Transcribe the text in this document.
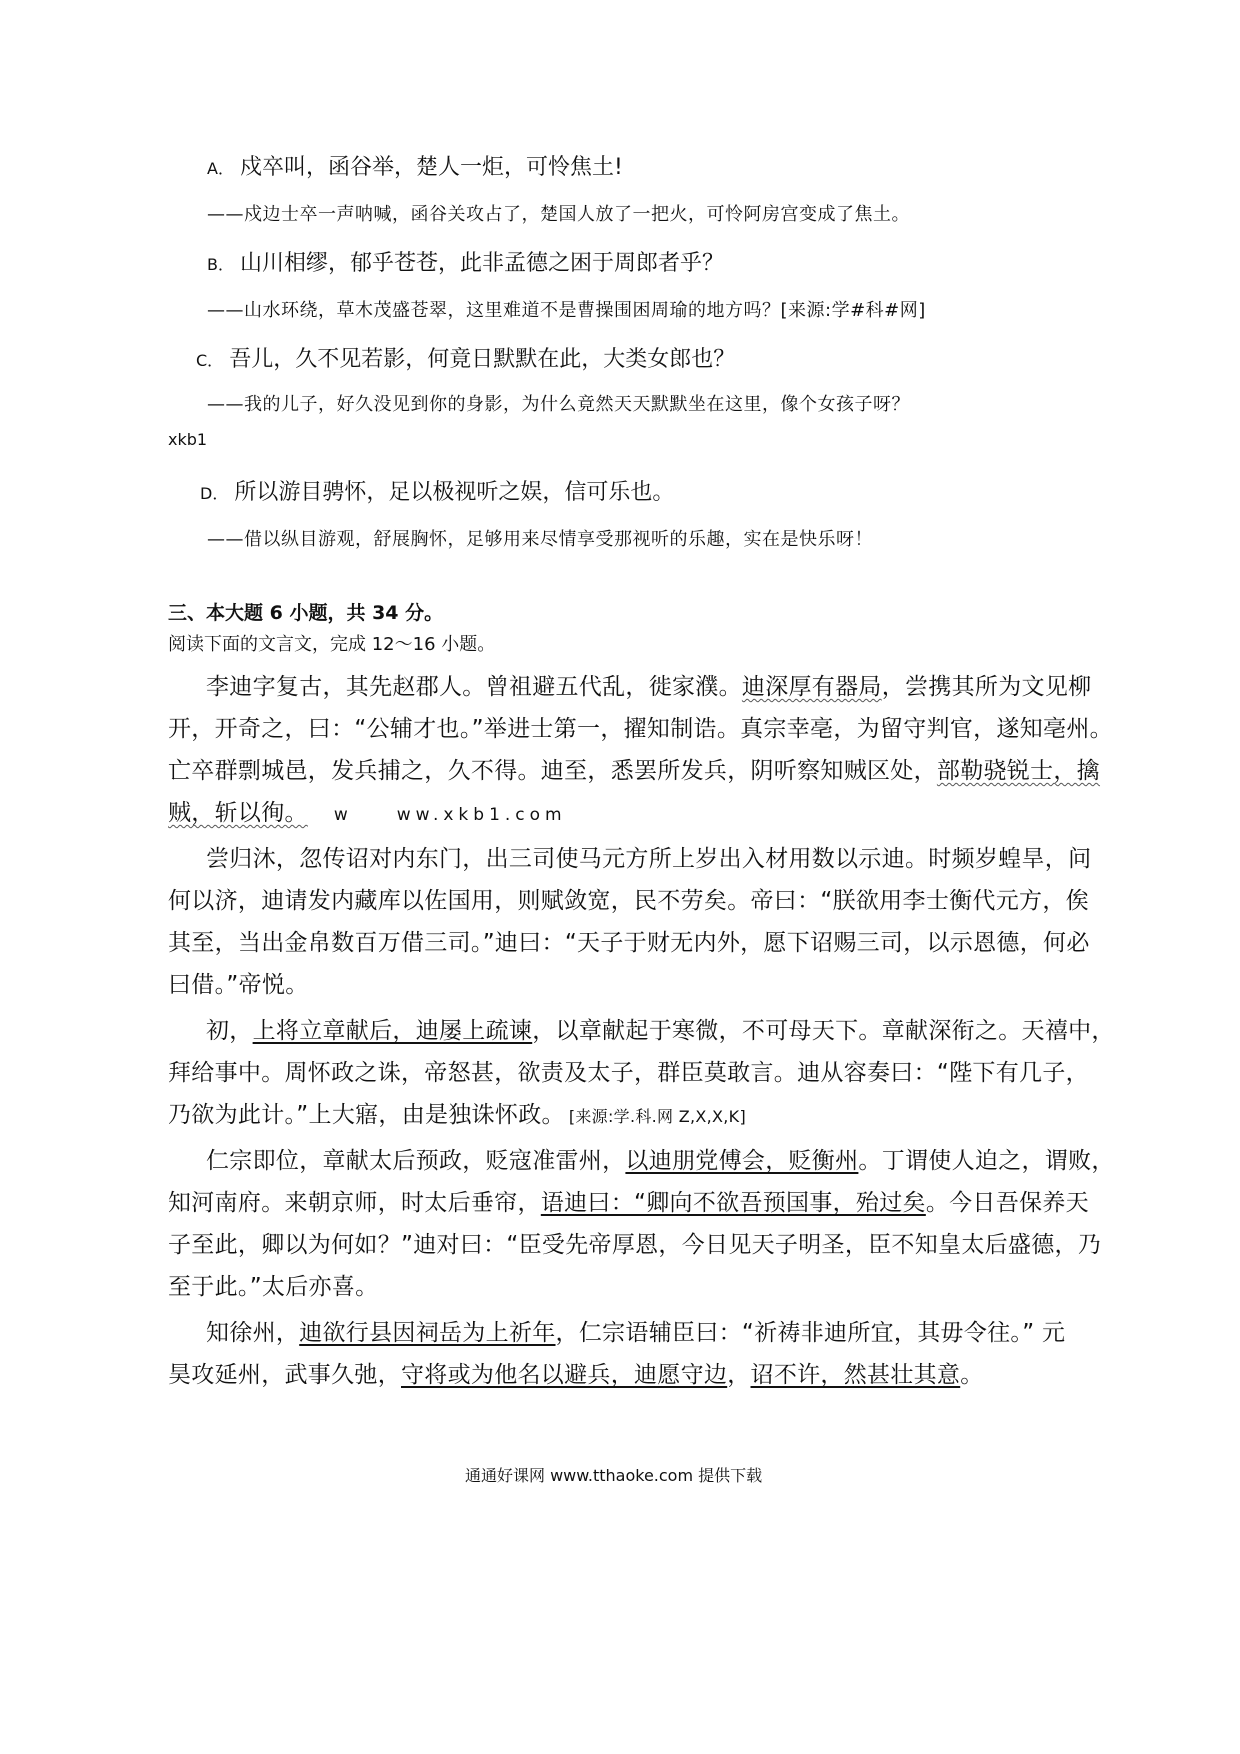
A． 戍卒叫，函谷举，楚人一炬，可怜焦土!
——戍边士卒一声呐喊，函谷关攻占了，楚国人放了一把火，可怜阿房宫变成了焦土。
B． 山川相缪，郁乎苍苍，此非孟德之困于周郎者乎？
——山水环绕，草木茂盛苍翠，这里难道不是曹操围困周瑜的地方吗？[来源:学#科#网]
C． 吾儿，久不见若影，何竟日默默在此，大类女郎也？
——我的儿子，好久没见到你的身影，为什么竟然天天默默坐在这里，像个女孩子呀？
xkb1
D． 所以游目骋怀，足以极视听之娱，信可乐也。
——借以纵目游观，舒展胸怀，足够用来尽情享受那视听的乐趣，实在是快乐呀！
三、本大题 6 小题，共 34 分。
阅读下面的文言文，完成 12～16 小题。
李迪字复古，其先赵郡人。曾祖避五代乱，徙家濮。迪深厚有器局，尝携其所为文见柳
开，开奇之，曰：“公辅才也。”举进士第一，擢知制诰。真宗幸亳，为留守判官，遂知亳州。
亡卒群剽城邑，发兵捕之，久不得。迪至，悉罢所发兵，阴听察知贼区处，部勒骁锐士，擒
贼，斩以徇。 w　　ww.xkb1.com
尝归沐，忽传诏对内东门，出三司使马元方所上岁出入材用数以示迪。时频岁蝗旱，问
何以济，迪请发内藏库以佐国用，则赋敛宽，民不劳矣。帝曰：“朕欲用李士衡代元方，俟
其至，当出金帛数百万借三司。”迪曰：“天子于财无内外，愿下诏赐三司，以示恩德，何必
曰借。”帝悦。
初，上将立章献后，迪屡上疏谏，以章献起于寒微，不可母天下。章献深衔之。天禧中，
拜给事中。周怀政之诛，帝怒甚，欲责及太子，群臣莫敢言。迪从容奏曰：“陛下有几子，
乃欲为此计。”上大寤，由是独诛怀政。 [来源:学.科.网 Z,X,X,K]
仁宗即位，章献太后预政，贬寇准雷州，以迪朋党傅会，贬衡州。丁谓使人迫之，谓败，
知河南府。来朝京师，时太后垂帘，语迪曰：“卿向不欲吾预国事，殆过矣。今日吾保养天
子至此，卿以为何如？”迪对曰：“臣受先帝厚恩，今日见天子明圣，臣不知皇太后盛德，乃
至于此。”太后亦喜。
知徐州，迪欲行县因祠岳为上祈年，仁宗语辅臣曰：“祈祷非迪所宜，其毋令往。” 元
昊攻延州，武事久弛，守将或为他名以避兵，迪愿守边，诏不许，然甚壮其意。
通通好课网 www.tthaoke.com 提供下载
